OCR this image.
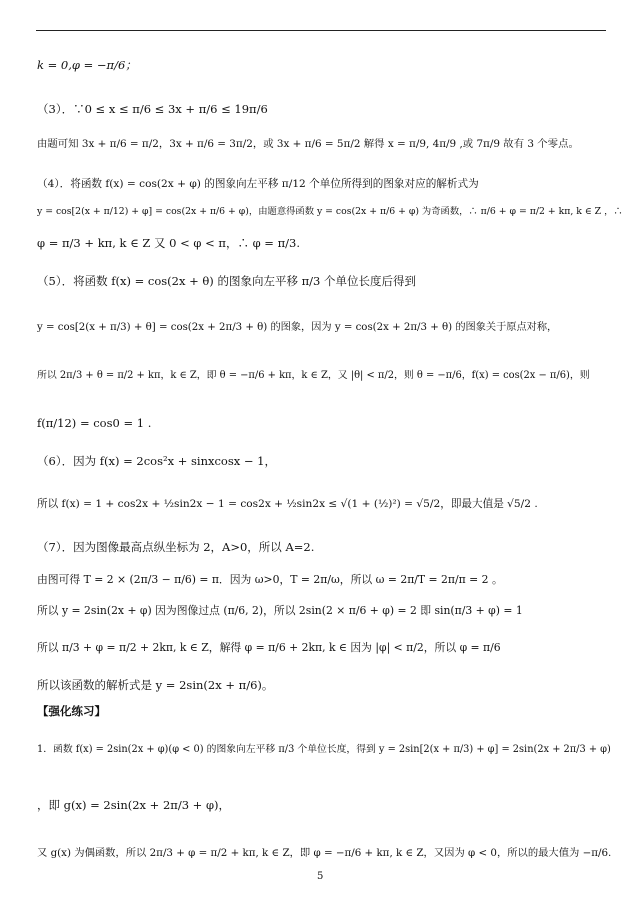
k = 0,φ = −π/6；
（3）．∵0 ≤ x ≤ π/6 ≤ 3x + π/6 ≤ 19π/6
由题可知 3x + π/6 = π/2，3x + π/6 = 3π/2，或 3x + π/6 = 5π/2 解得 x = π/9, 4π/9 ,或 7π/9 故有 3 个零点。
（4）．将函数 f(x) = cos(2x + φ) 的图象向左平移 π/12 个单位所得到的图象对应的解析式为
y = cos[2(x + π/12) + φ] = cos(2x + π/6 + φ)，由题意得函数 y = cos(2x + π/6 + φ) 为奇函数，∴ π/6 + φ = π/2 + kπ, k ∈ Z ，∴
φ = π/3 + kπ, k ∈ Z 又 0 < φ < π，∴ φ = π/3.
（5）．将函数 f(x) = cos(2x + θ) 的图象向左平移 π/3 个单位长度后得到
y = cos[2(x + π/3) + θ] = cos(2x + 2π/3 + θ) 的图象，因为 y = cos(2x + 2π/3 + θ) 的图象关于原点对称，
所以 2π/3 + θ = π/2 + kπ，k ∈ Z，即 θ = −π/6 + kπ，k ∈ Z，又 |θ| < π/2，则 θ = −π/6，f(x) = cos(2x − π/6)，则
f(π/12) = cos0 = 1 .
（6）．因为 f(x) = 2cos²x + sinxcosx − 1，
所以 f(x) = 1 + cos2x + ½sin2x − 1 = cos2x + ½sin2x ≤ √(1 + (½)²) = √5/2，即最大值是 √5/2 .
（7）．因为图像最高点纵坐标为 2，A>0，所以 A=2.
由图可得 T = 2 × (2π/3 − π/6) = π．因为 ω>0，T = 2π/ω，所以 ω = 2π/T = 2π/π = 2 。
所以 y = 2sin(2x + φ) 因为图像过点 (π/6, 2)，所以 2sin(2 × π/6 + φ) = 2 即 sin(π/3 + φ) = 1
所以 π/3 + φ = π/2 + 2kπ, k ∈ Z，解得 φ = π/6 + 2kπ, k ∈ 因为 |φ| < π/2，所以 φ = π/6
所以该函数的解析式是 y = 2sin(2x + π/6)。
【强化练习】
1．函数 f(x) = 2sin(2x + φ)(φ < 0) 的图象向左平移 π/3 个单位长度，得到 y = 2sin[2(x + π/3) + φ] = 2sin(2x + 2π/3 + φ)
，即 g(x) = 2sin(2x + 2π/3 + φ)，
又 g(x) 为偶函数，所以 2π/3 + φ = π/2 + kπ, k ∈ Z，即 φ = −π/6 + kπ, k ∈ Z，又因为 φ < 0，所以的最大值为 −π/6.
5
